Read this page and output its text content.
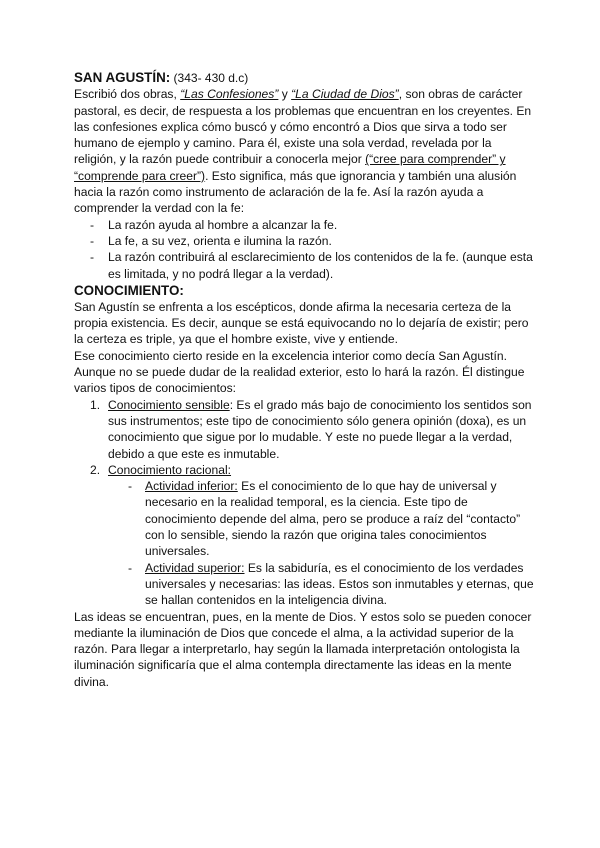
SAN AGUSTÍN: (343- 430 d.c)

Escribió dos obras, “Las Confesiones” y “La Ciudad de Dios”, son obras de carácter pastoral, es decir, de respuesta a los problemas que encuentran en los creyentes. En las confesiones explica cómo buscó y cómo encontró a Dios que sirva a todo ser humano de ejemplo y camino. Para él, existe una sola verdad, revelada por la religión, y la razón puede contribuir a conocerla mejor (“cree para comprender” y “comprende para creer”). Esto significa, más que ignorancia y también una alusión hacia la razón como instrumento de aclaración de la fe. Así la razón ayuda a comprender la verdad con la fe:

- La razón ayuda al hombre a alcanzar la fe.
- La fe, a su vez, orienta e ilumina la razón.
- La razón contribuirá al esclarecimiento de los contenidos de la fe. (aunque esta es limitada, y no podrá llegar a la verdad).

CONOCIMIENTO:

San Agustín se enfrenta a los escépticos, donde afirma la necesaria certeza de la propia existencia. Es decir, aunque se está equivocando no lo dejaría de existir; pero la certeza es triple, ya que el hombre existe, vive y entiende.

Ese conocimiento cierto reside en la excelencia interior como decía San Agustín. Aunque no se puede dudar de la realidad exterior, esto lo hará la razón. Él distingue varios tipos de conocimientos:

1. Conocimiento sensible: Es el grado más bajo de conocimiento los sentidos son sus instrumentos; este tipo de conocimiento sólo genera opinión (doxa), es un conocimiento que sigue por lo mudable. Y este no puede llegar a la verdad, debido a que este es inmutable.
2. Conocimiento racional:
- Actividad inferior: Es el conocimiento de lo que hay de universal y necesario en la realidad temporal, es la ciencia. Este tipo de conocimiento depende del alma, pero se produce a raíz del “contacto” con lo sensible, siendo la razón que origina tales conocimientos universales.
- Actividad superior: Es la sabiduría, es el conocimiento de los verdades universales y necesarias: las ideas. Estos son inmutables y eternas, que se hallan contenidos en la inteligencia divina.

Las ideas se encuentran, pues, en la mente de Dios. Y estos solo se pueden conocer mediante la iluminación de Dios que concede el alma, a la actividad superior de la razón. Para llegar a interpretarlo, hay según la llamada interpretación ontologista la iluminación significaría que el alma contempla directamente las ideas en la mente divina.
